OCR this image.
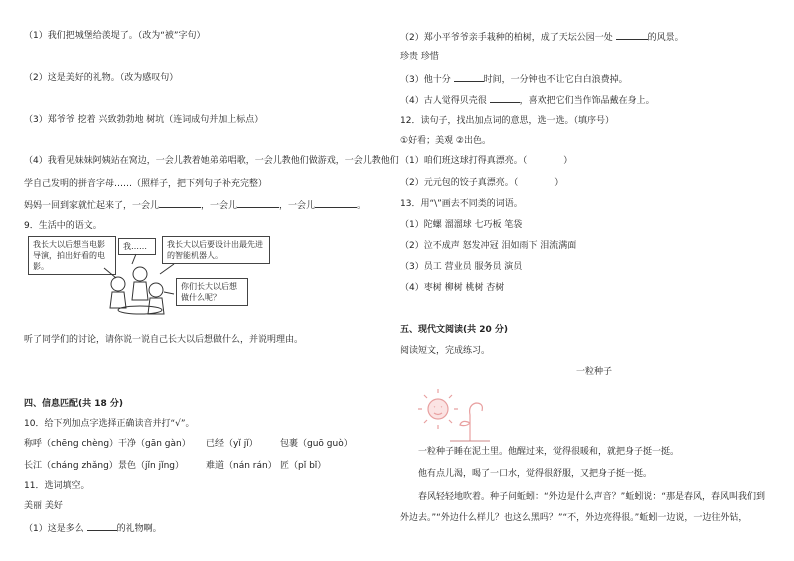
（1）我们把城堡给羡堤了。（改为“被”字句）
（2）这是美好的礼物。（改为感叹句）
（3）郑爷爷 挖着 兴致勃勃地 树坑（连词成句并加上标点）
（4）我看见妹妹阿姨站在窝边，一会儿教着她弟弟唱歌，一会儿教他们做游戏，一会儿教他们
学自己发明的拼音字母……（照样子，把下列句子补充完整）
妈妈一回到家就忙起来了，一会儿	，一会儿	，一会儿	。
9．生活中的语文。
我长大以后想当电影导演，拍出好看的电影。
我……	我长大以后要设计出最先进的智能机器人。
你们长大以后想做什么呢？
听了同学们的讨论，请你说一说自己长大以后想做什么，并说明理由。
四、信息匹配(共 18 分)
10．给下列加点字选择正确读音并打“√”。
称呼（chēng chèng） 干净（gān gàn） 已经（yǐ jǐ） 包裹（guō guò）
长江（cháng zhǎng） 景色（jǐn jǐng） 难道（nán rán） 匠（pǐ bǐ）
11．选词填空。
美丽 美好
（1）这是多么	的礼物啊。
（2）郑小平爷爷亲手栽种的柏树，成了天坛公园一处	的风景。
珍贵 珍惜
（3）他十分	时间，一分钟也不让它白白浪费掉。
（4）古人觉得贝壳很	，喜欢把它们当作饰品戴在身上。
12．读句子，找出加点词的意思，选一选。（填序号）
①好看；美观 ②出色。
（1）咱们班这球打得真漂亮。（	）
（2）元元包的饺子真漂亮。（	）
13．用“\”画去不同类的词语。
（1）陀螺 溜溜球 七巧板 笔袋
（2）泣不成声 怒发冲冠 泪如雨下 泪流满面
（3）员工 营业员 服务员 演员
（4）枣树 柳树 桃树 杏树
五、现代文阅读(共 20 分)
阅读短文，完成练习。
一粒种子
一粒种子睡在泥土里。他醒过来，觉得很暖和，就把身子挺一挺。
他有点儿渴，喝了一口水，觉得很舒服，又把身子挺一挺。
春风轻轻地吹着。种子问蚯蚓：“外边是什么声音？”蚯蚓说：“那是春风，春风叫我们到
外边去。”“外边什么样儿？也这么黑吗？”“不，外边亮得很。”蚯蚓一边说，一边往外钻，
